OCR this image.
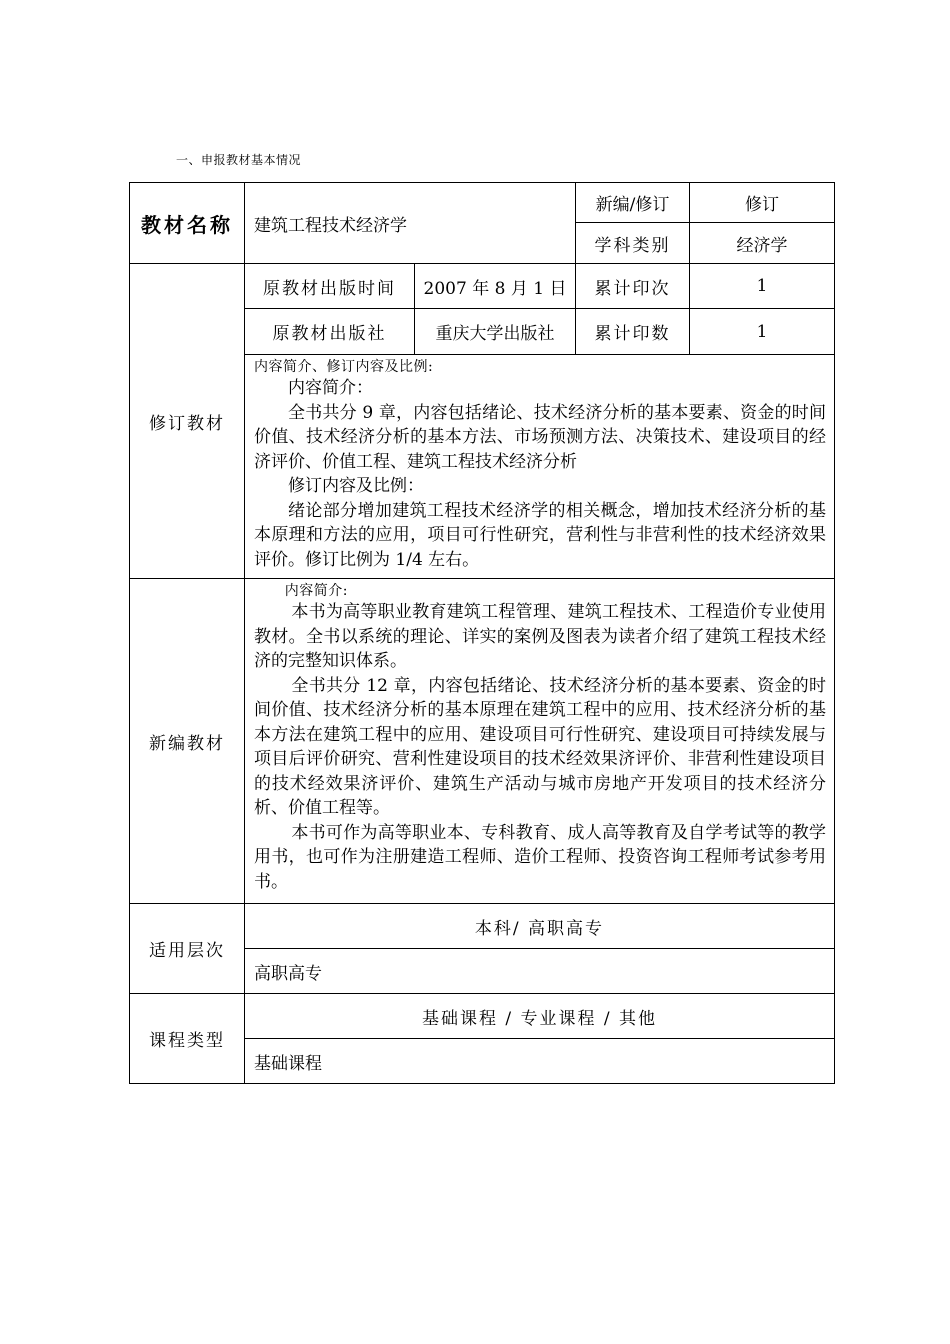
一、申报教材基本情况
教材名称	建筑工程技术经济学		新编/修订	修订
			学科类别	经济学
修订教材	原教材出版时间	2007 年 8 月 1 日	累计印次	1
	原教材出版社	重庆大学出版社	累计印数	1

	内容简介、修订内容及比例:

内容简介：

全书共分 9 章，内容包括绪论、技术经济分析的基本要素、资金的时间价值、技术经济分析的基本方法、市场预测方法、决策技术、建设项目的经济评价、价值工程、建筑工程技术经济分析

修订内容及比例：

绪论部分增加建筑工程技术经济学的相关概念，增加技术经济分析的基本原理和方法的应用，项目可行性研究，营利性与非营利性的技术经济效果评价。修订比例为 1/4 左右。			

新编教材	内容简介:

本书为高等职业教育建筑工程管理、建筑工程技术、工程造价专业使用教材。全书以系统的理论、详实的案例及图表为读者介绍了建筑工程技术经济的完整知识体系。

全书共分 12 章，内容包括绪论、技术经济分析的基本要素、资金的时间价值、技术经济分析的基本原理在建筑工程中的应用、技术经济分析的基本方法在建筑工程中的应用、建设项目可行性研究、建设项目可持续发展与项目后评价研究、营利性建设项目的技术经效果济评价、非营利性建设项目的技术经效果济评价、建筑生产活动与城市房地产开发项目的技术经济分析、价值工程等。

本书可作为高等职业本、专科教育、成人高等教育及自学考试等的教学用书，也可作为注册建造工程师、造价工程师、投资咨询工程师考试参考用书。			

适用层次	本科/ 高职高专			
	高职高专			
课程类型	基础课程 / 专业课程 / 其他			
	基础课程			
